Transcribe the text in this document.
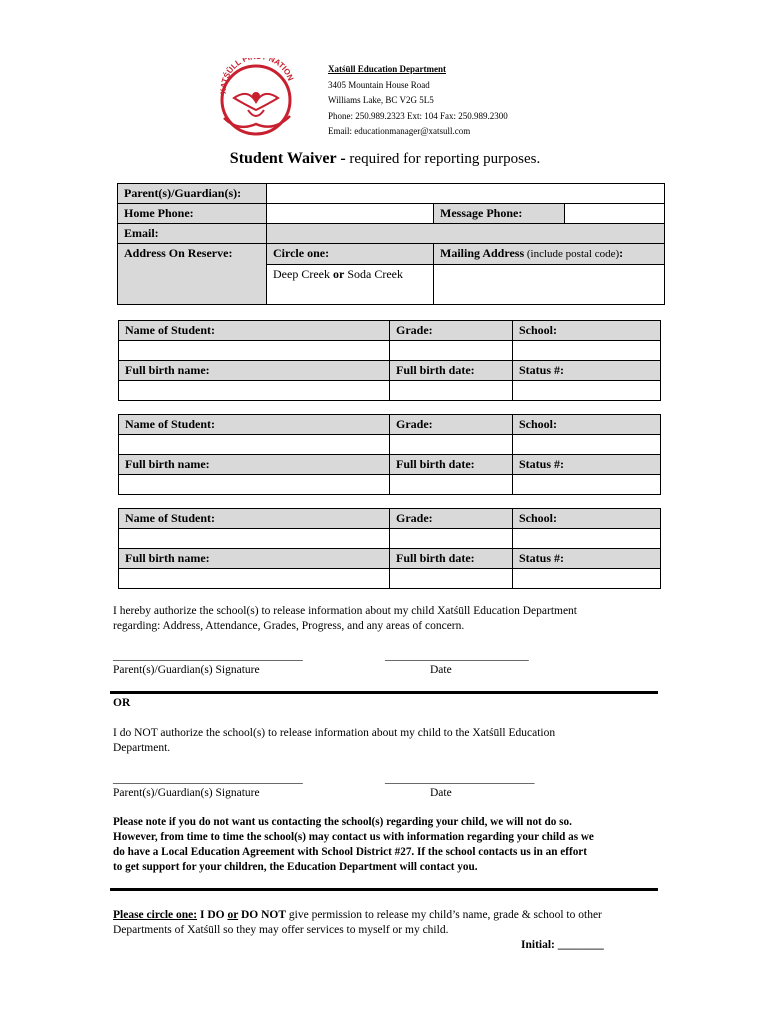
XATŚŪLL F NATION
Xatśūll Education Department
3405 Mountain House Road
Williams Lake, BC V2G 5L5
Phone: 250.989.2323 Ext: 104 Fax: 250.989.2300
Email: educationmanager@xatsull.com
Student Waiver - required for reporting purposes.
Parent(s)/Guardian(s):			
Home Phone:		Message Phone:	
Email:			
Address On Reserve:	Circle one:	Mailing Address (include postal code):	
	Deep Creek or Soda Creek		
Name of Student:	Grade:	School:

Full birth name:	Full birth date:	Status #:

Name of Student:	Grade:	School:

Full birth name:	Full birth date:	Status #:

Name of Student:	Grade:	School:

Full birth name:	Full birth date:	Status #:

I hereby authorize the school(s) to release information about my child Xatśūll Education Department
regarding: Address, Attendance, Grades, Progress, and any areas of concern.
_________________________________	_________________________
Parent(s)/Guardian(s) Signature	Date
OR
I do NOT authorize the school(s) to release information about my child to the Xatśūll Education
Department.
_________________________________	__________________________
Parent(s)/Guardian(s) Signature	Date
Please note if you do not want us contacting the school(s) regarding your child, we will not do so.
However, from time to time the school(s) may contact us with information regarding your child as we
do have a Local Education Agreement with School District #27. If the school contacts us in an effort
to get support for your children, the Education Department will contact you.
Please circle one: I DO or DO NOT give permission to release my child’s name, grade & school to other
Departments of Xatśūll so they may offer services to myself or my child.
Initial: ________
